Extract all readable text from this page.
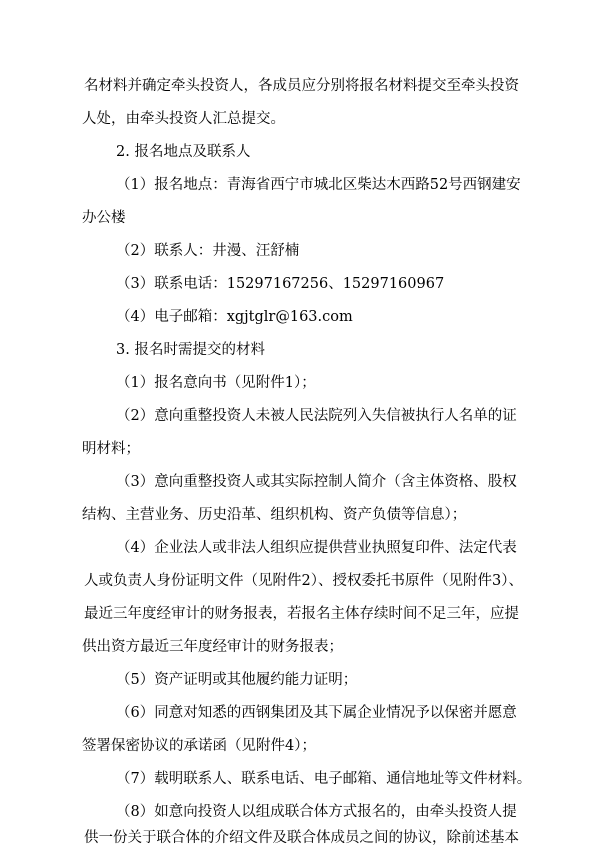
名材料并确定牵头投资人，各成员应分别将报名材料提交至牵头投资
人处，由牵头投资人汇总提交。
2. 报名地点及联系人
（1）报名地点：青海省西宁市城北区柴达木西路52号西钢建安
办公楼
（2）联系人：井漫、汪舒楠
（3）联系电话：15297167256、15297160967
（4）电子邮箱：xgjtglr@163.com
3. 报名时需提交的材料
（1）报名意向书（见附件1）；
（2）意向重整投资人未被人民法院列入失信被执行人名单的证
明材料；
（3）意向重整投资人或其实际控制人简介（含主体资格、股权
结构、主营业务、历史沿革、组织机构、资产负债等信息）；
（4）企业法人或非法人组织应提供营业执照复印件、法定代表
人或负责人身份证明文件（见附件2）、授权委托书原件（见附件3）、
最近三年度经审计的财务报表，若报名主体存续时间不足三年，应提
供出资方最近三年度经审计的财务报表；
（5）资产证明或其他履约能力证明；
（6）同意对知悉的西钢集团及其下属企业情况予以保密并愿意
签署保密协议的承诺函（见附件4）；
（7）载明联系人、联系电话、电子邮箱、通信地址等文件材料。
（8）如意向投资人以组成联合体方式报名的，由牵头投资人提
供一份关于联合体的介绍文件及联合体成员之间的协议，除前述基本
